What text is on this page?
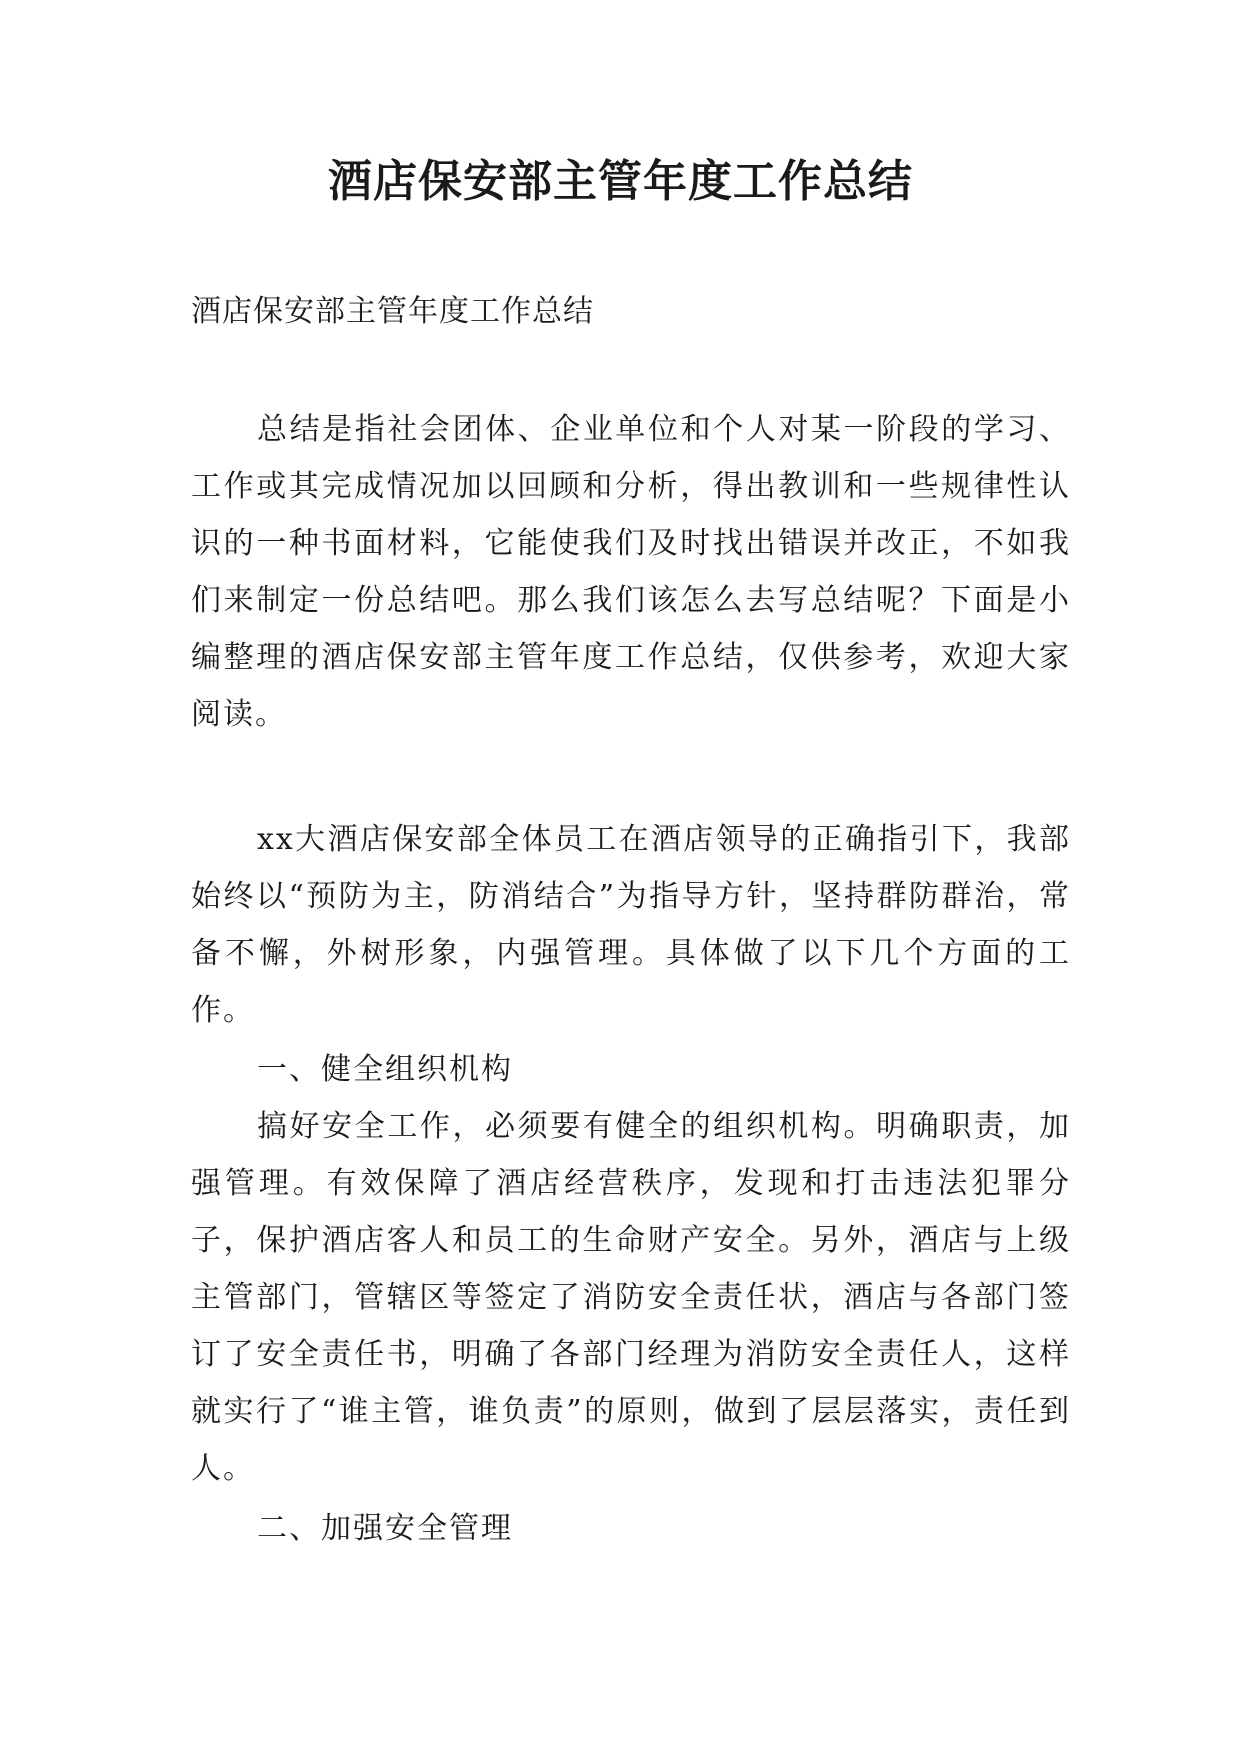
酒店保安部主管年度工作总结
酒店保安部主管年度工作总结

总结是指社会团体、企业单位和个人对某一阶段的学习、工作或其完成情况加以回顾和分析，得出教训和一些规律性认识的一种书面材料，它能使我们及时找出错误并改正，不如我们来制定一份总结吧。那么我们该怎么去写总结呢？下面是小编整理的酒店保安部主管年度工作总结，仅供参考，欢迎大家阅读。

xx大酒店保安部全体员工在酒店领导的正确指引下，我部始终以“预防为主，防消结合”为指导方针，坚持群防群治，常备不懈，外树形象，内强管理。具体做了以下几个方面的工作。

一、健全组织机构

搞好安全工作，必须要有健全的组织机构。明确职责，加强管理。有效保障了酒店经营秩序，发现和打击违法犯罪分子，保护酒店客人和员工的生命财产安全。另外，酒店与上级主管部门，管辖区等签定了消防安全责任状，酒店与各部门签订了安全责任书，明确了各部门经理为消防安全责任人，这样就实行了“谁主管，谁负责”的原则，做到了层层落实，责任到人。

二、加强安全管理
